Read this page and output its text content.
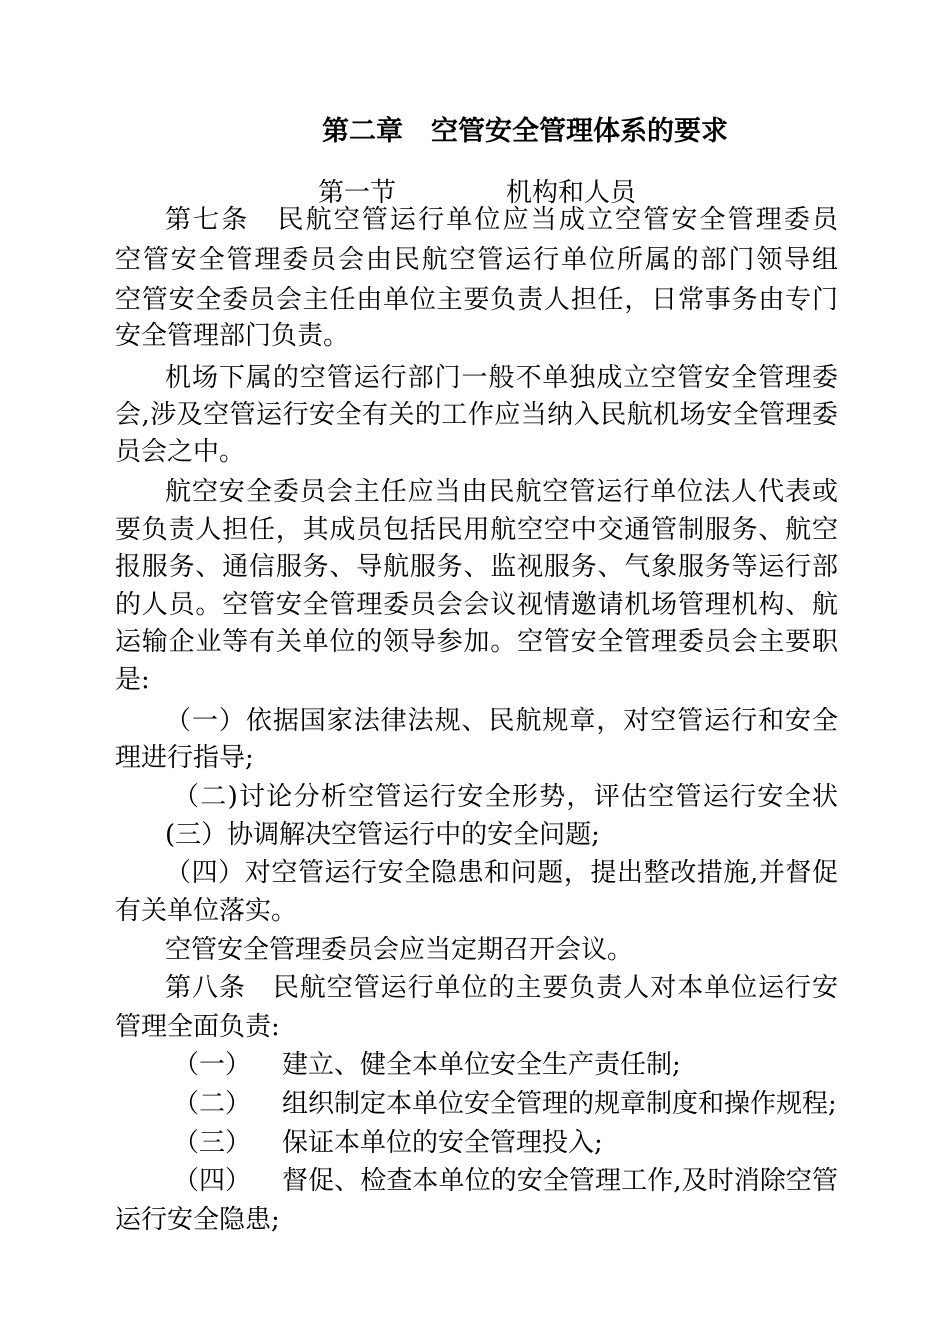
第二章 空管安全管理体系的要求
第一节	机构和人员
第七条　民航空管运行单位应当成立空管安全管理委员
空管安全管理委员会由民航空管运行单位所属的部门领导组
空管安全委员会主任由单位主要负责人担任，日常事务由专门
安全管理部门负责。
机场下属的空管运行部门一般不单独成立空管安全管理委
会,涉及空管运行安全有关的工作应当纳入民航机场安全管理委
员会之中。
航空安全委员会主任应当由民航空管运行单位法人代表或
要负责人担任，其成员包括民用航空空中交通管制服务、航空
报服务、通信服务、导航服务、监视服务、气象服务等运行部
的人员。空管安全管理委员会会议视情邀请机场管理机构、航
运输企业等有关单位的领导参加。空管安全管理委员会主要职
是:
（一）依据国家法律法规、民航规章，对空管运行和安全
理进行指导;
（二)讨论分析空管运行安全形势，评估空管运行安全状
(三）协调解决空管运行中的安全问题;
（四）对空管运行安全隐患和问题，提出整改措施,并督促
有关单位落实。
空管安全管理委员会应当定期召开会议。
第八条　民航空管运行单位的主要负责人对本单位运行安
管理全面负责:
（一） 建立、健全本单位安全生产责任制;
（二） 组织制定本单位安全管理的规章制度和操作规程;
（三） 保证本单位的安全管理投入;
（四） 督促、检查本单位的安全管理工作,及时消除空管
运行安全隐患;
